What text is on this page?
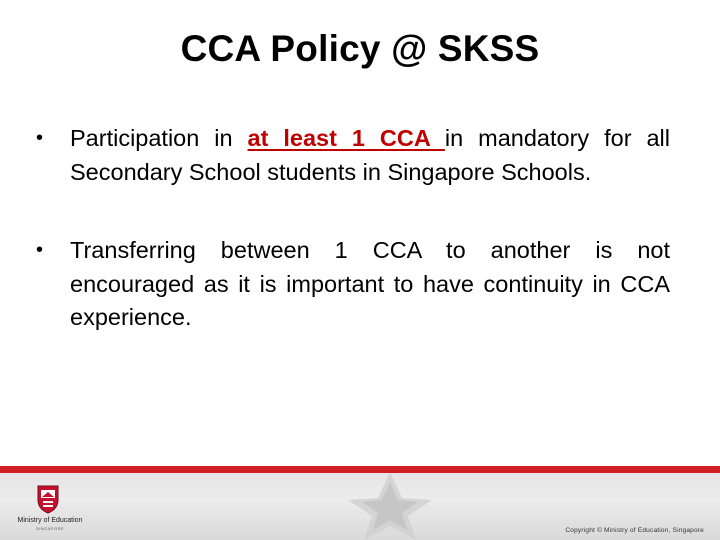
CCA Policy @ SKSS
•	Participation in at least 1 CCA in mandatory for all Secondary School students in Singapore Schools.
•	Transferring between 1 CCA to another is not encouraged as it is important to have continuity in CCA experience.
Ministry of Education
SINGAPORE	Copyright © Ministry of Education, Singapore
